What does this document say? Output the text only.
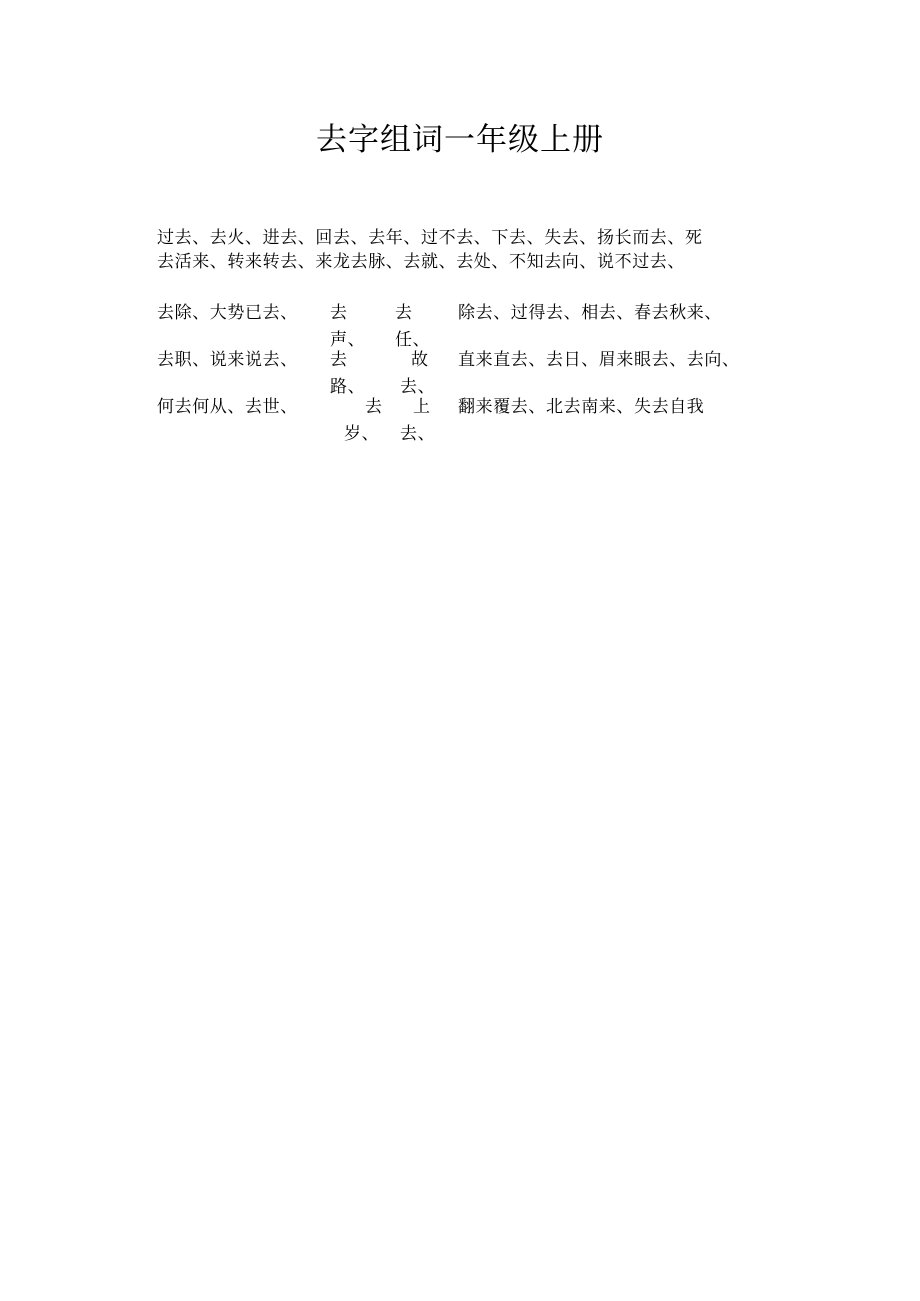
去字组词一年级上册

过去、去火、进去、回去、去年、过不去、下去、失去、扬长而去、死
去活来、转来转去、来龙去脉、去就、去处、不知去向、说不过去、

去除、大势已去、 去
声、
去
任、
除去、过得去、相去、春去秋来、
去职、说来说去、 去
路、
故
去、
直来直去、去日、眉来眼去、去向、
何去何从、去世、	去
岁、
上
去、
翻来覆去、北去南来、失去自我
